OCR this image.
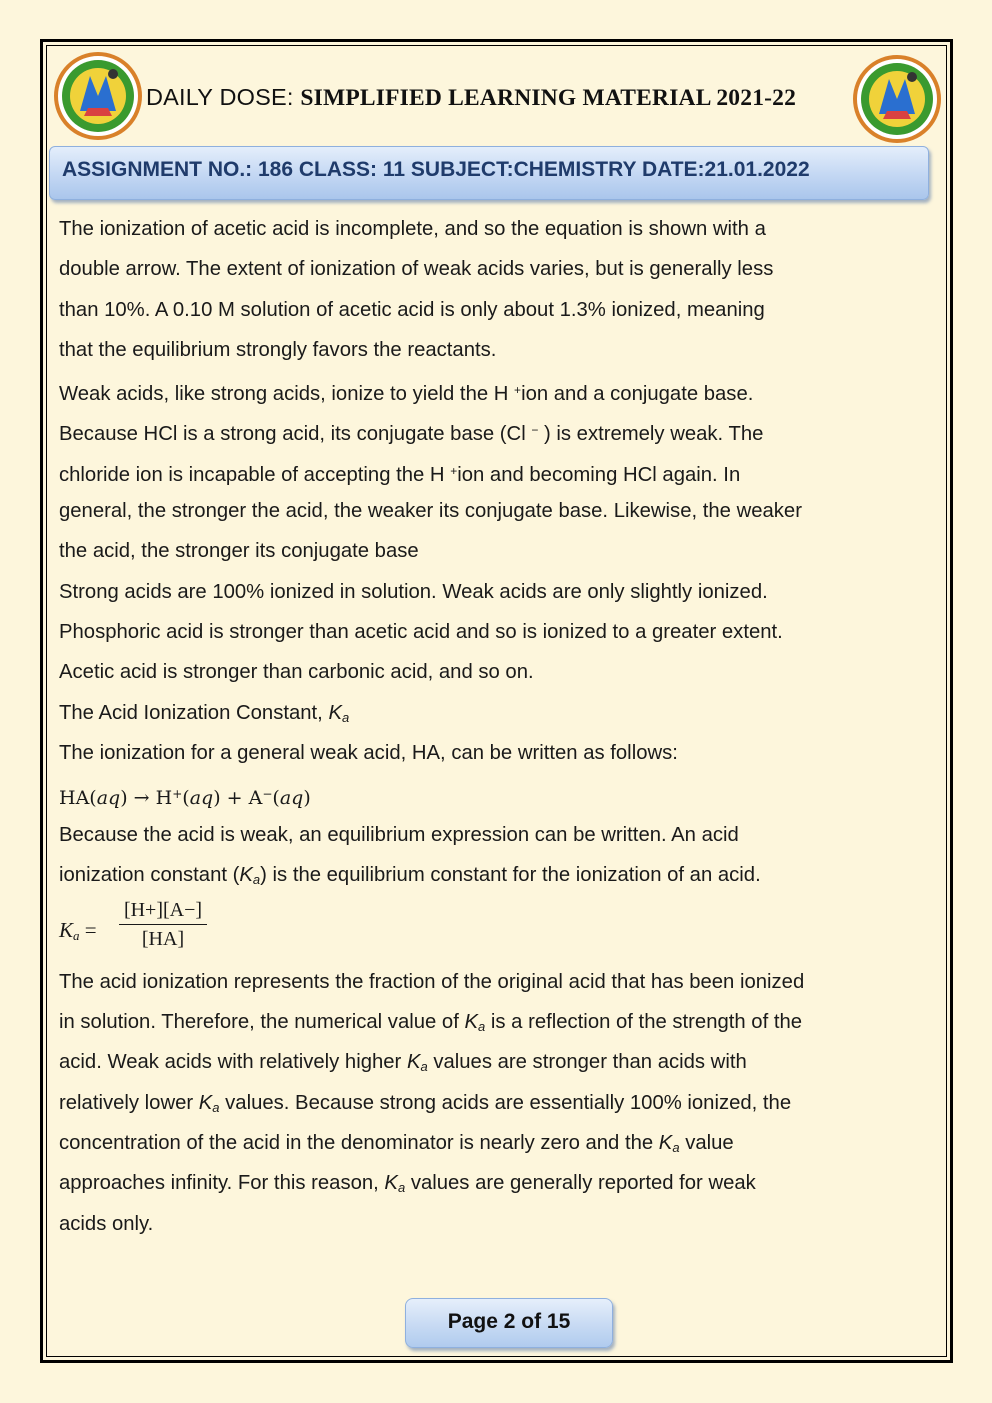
DAILY DOSE: SIMPLIFIED LEARNING MATERIAL 2021-22
ASSIGNMENT NO.: 186 CLASS: 11 SUBJECT:CHEMISTRY DATE:21.01.2022
The ionization of acetic acid is incomplete, and so the equation is shown with a
double arrow. The extent of ionization of weak acids varies, but is generally less
than 10%. A 0.10 M solution of acetic acid is only about 1.3% ionized, meaning
that the equilibrium strongly favors the reactants.
Weak acids, like strong acids, ionize to yield the H +ion and a conjugate base.
Because HCl is a strong acid, its conjugate base (Cl − ) is extremely weak. The
chloride ion is incapable of accepting the H +ion and becoming HCl again. In
general, the stronger the acid, the weaker its conjugate base. Likewise, the weaker
the acid, the stronger its conjugate base
Strong acids are 100% ionized in solution. Weak acids are only slightly ionized.
Phosphoric acid is stronger than acetic acid and so is ionized to a greater extent.
Acetic acid is stronger than carbonic acid, and so on.
The Acid Ionization Constant, $K_a$
The ionization for a general weak acid, HA, can be written as follows:
HA(aq) → H+(aq) + A−(aq)
Because the acid is weak, an equilibrium expression can be written. An acid
ionization constant $(K_a)$ is the equilibrium constant for the ionization of an acid.
$K_a$ =
[H+][A−]
[HA]
The acid ionization represents the fraction of the original acid that has been ionized
in solution. Therefore, the numerical value of $K_a$ is a reflection of the strength of the
acid. Weak acids with relatively higher $K_a$ values are stronger than acids with
relatively lower $K_a$ values. Because strong acids are essentially 100% ionized, the
concentration of the acid in the denominator is nearly zero and the $K_a$ value
approaches infinity. For this reason, $K_a$ values are generally reported for weak
acids only.
Page 2 of 15
